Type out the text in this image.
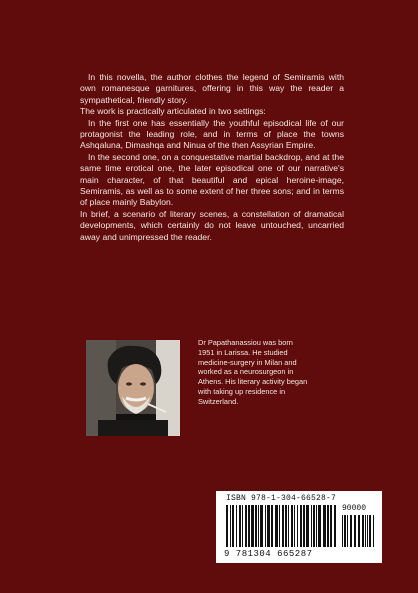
In this novella, the author clothes the legend of Semiramis with own romanesque garnitures, offering in this way the reader a sympathetical, friendly story.

The work is practically articulated in two settings:

In the first one has essentially the youthful episodical life of our protagonist the leading role, and in terms of place the towns Ashqaluna, Dimashqa and Ninua of the then Assyrian Empire.

In the second one, on a conquestative martial backdrop, and at the same time erotical one, the later episodical one of our narrative's main character, of that beautiful and epical heroine-image, Semiramis, as well as to some extent of her three sons; and in terms of place mainly Babylon.

In brief, a scenario of literary scenes, a constellation of dramatical developments, which certainly do not leave untouched, uncarried away and unimpressed the reader.

Dr Papathanassiou was born 1951 in Larissa. He studied medicine-surgery in Milan and worked as a neurosurgeon in Athens. His literary activity began with taking up residence in Switzerland.
ISBN 978-1-304-66528-7
90000
9 781304 665287
